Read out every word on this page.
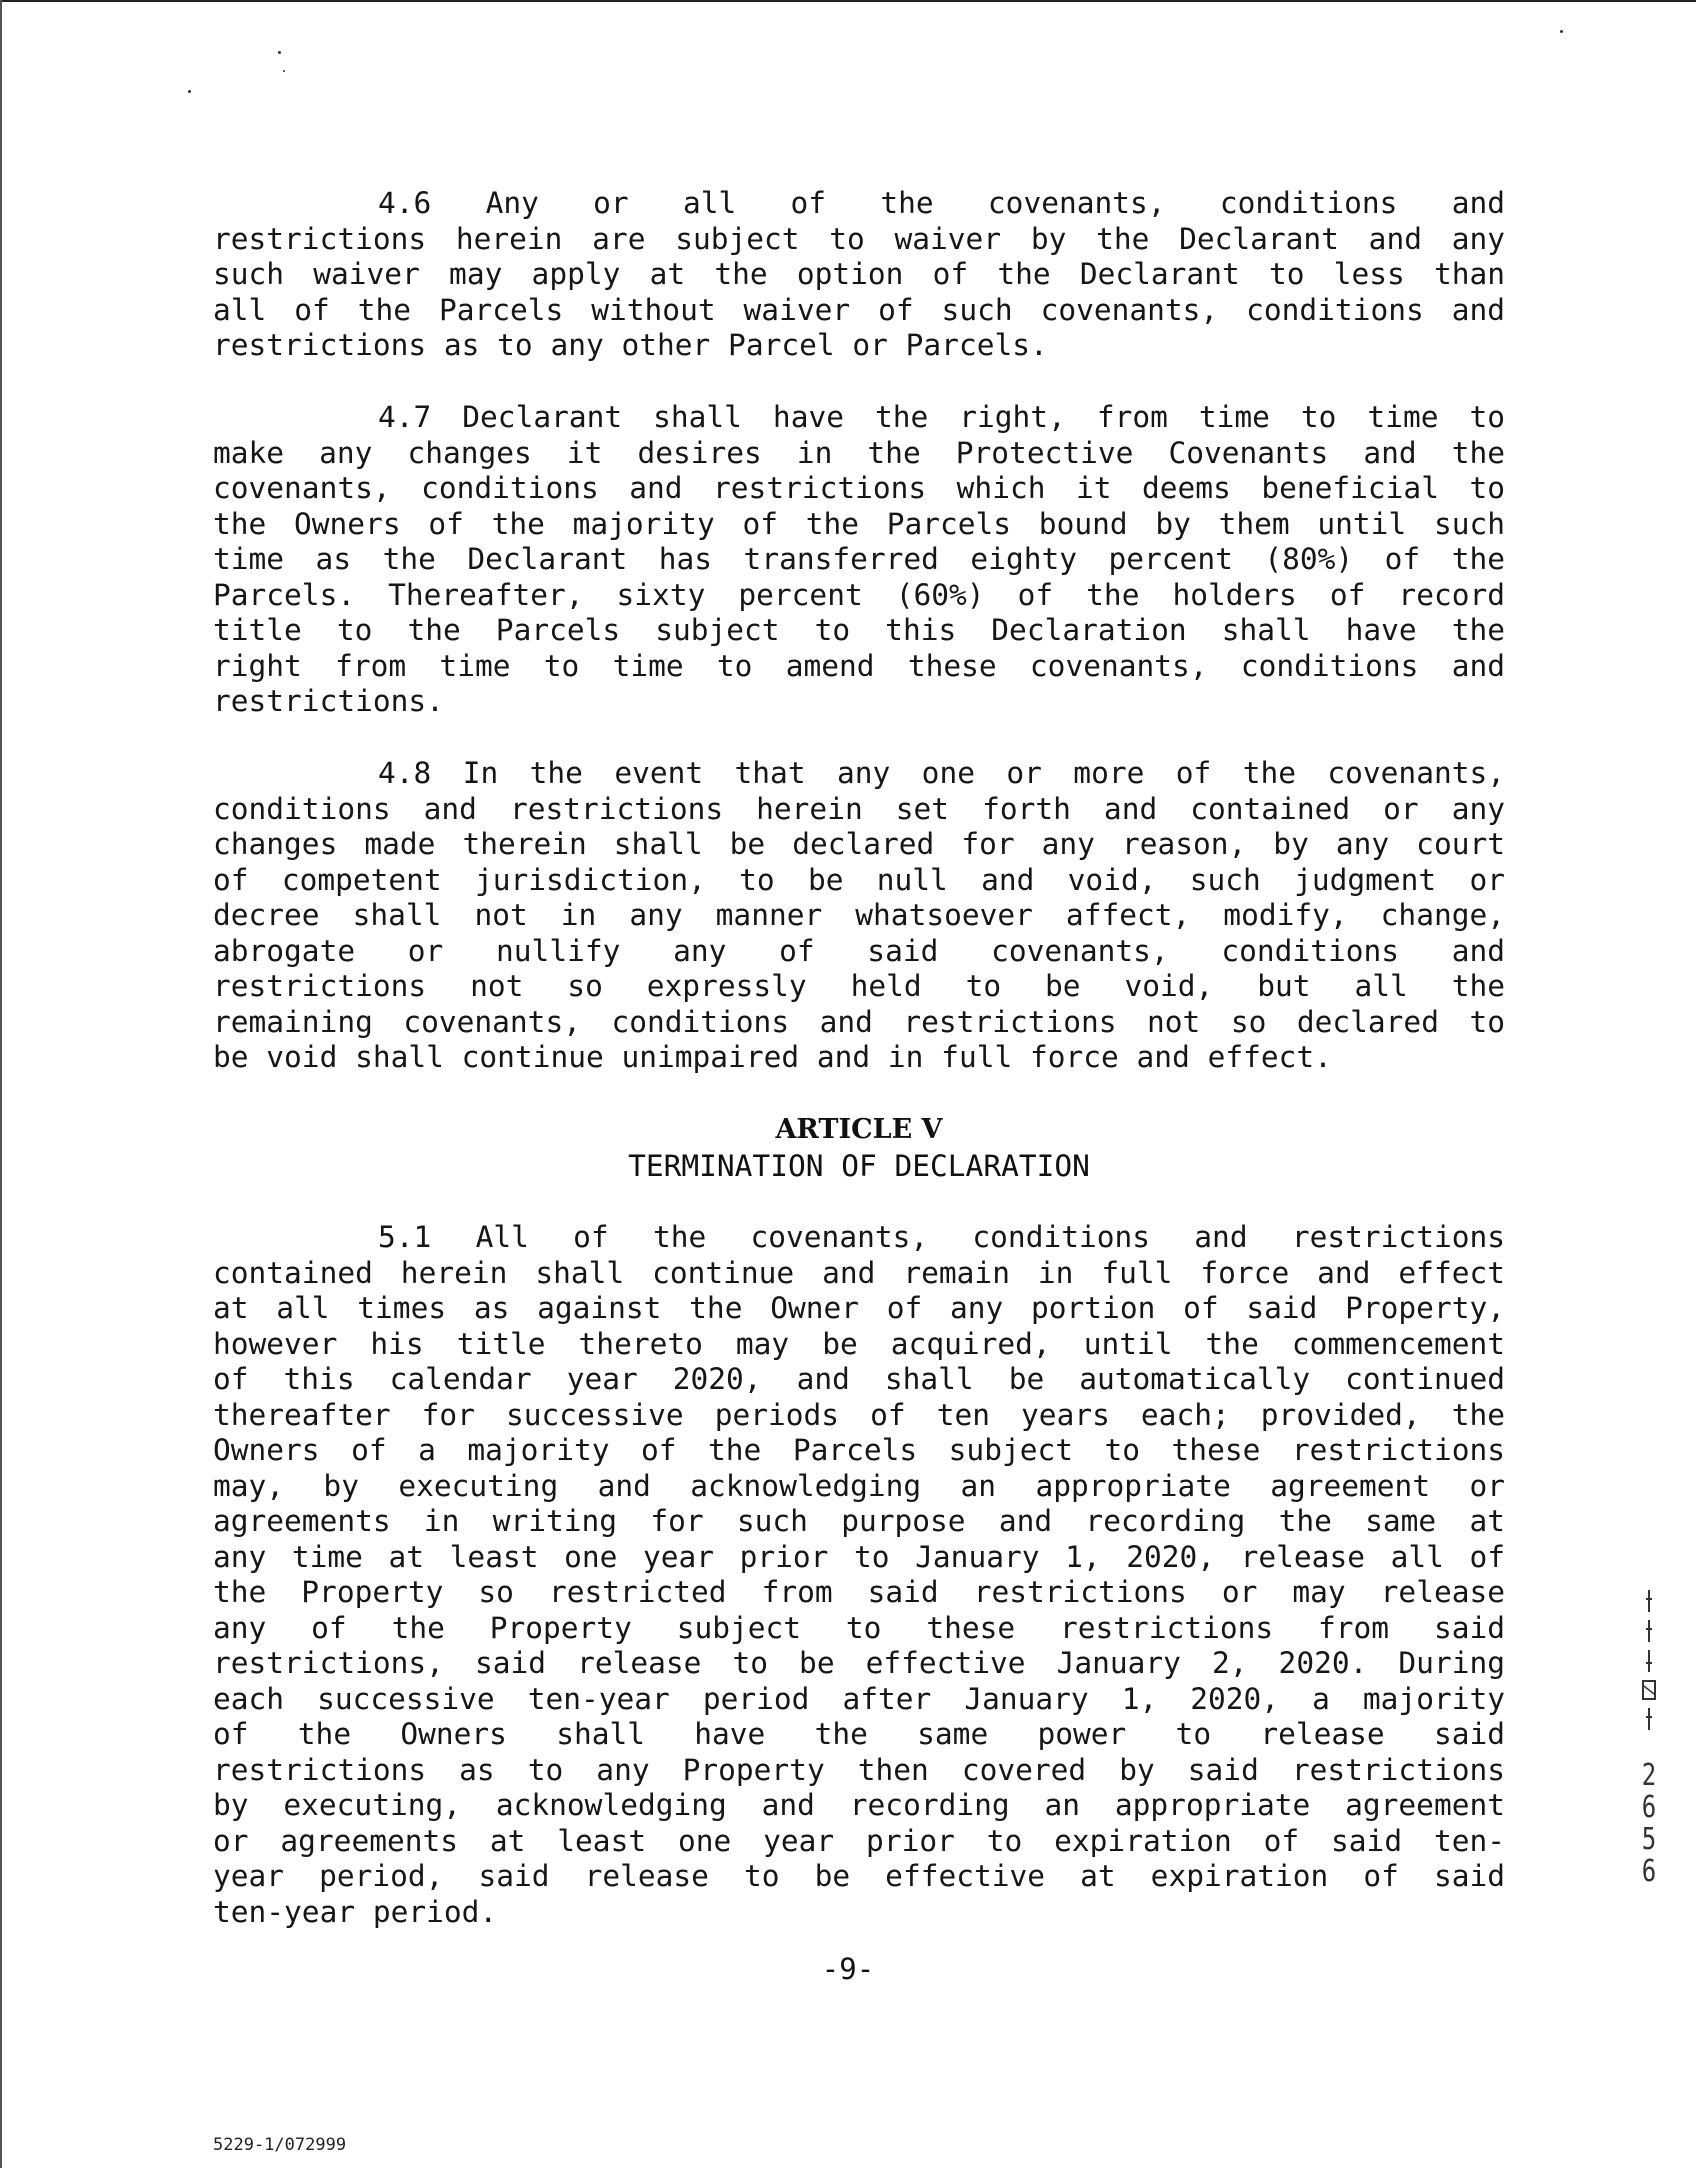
4.6 Any or all of the covenants, conditions and
restrictions herein are subject to waiver by the Declarant and any
such waiver may apply at the option of the Declarant to less than
all of the Parcels without waiver of such covenants, conditions and
restrictions as to any other Parcel or Parcels.
4.7 Declarant shall have the right, from time to time to
make any changes it desires in the Protective Covenants and the
covenants, conditions and restrictions which it deems beneficial to
the Owners of the majority of the Parcels bound by them until such
time as the Declarant has transferred eighty percent (80%) of the
Parcels. Thereafter, sixty percent (60%) of the holders of record
title to the Parcels subject to this Declaration shall have the
right from time to time to amend these covenants, conditions and
restrictions.
4.8 In the event that any one or more of the covenants,
conditions and restrictions herein set forth and contained or any
changes made therein shall be declared for any reason, by any court
of competent jurisdiction, to be null and void, such judgment or
decree shall not in any manner whatsoever affect, modify, change,
abrogate or nullify any of said covenants, conditions and
restrictions not so expressly held to be void, but all the
remaining covenants, conditions and restrictions not so declared to
be void shall continue unimpaired and in full force and effect.
ARTICLE V
TERMINATION OF DECLARATION
5.1 All of the covenants, conditions and restrictions
contained herein shall continue and remain in full force and effect
at all times as against the Owner of any portion of said Property,
however his title thereto may be acquired, until the commencement
of this calendar year 2020, and shall be automatically continued
thereafter for successive periods of ten years each; provided, the
Owners of a majority of the Parcels subject to these restrictions
may, by executing and acknowledging an appropriate agreement or
agreements in writing for such purpose and recording the same at
any time at least one year prior to January 1, 2020, release all of
the Property so restricted from said restrictions or may release
any of the Property subject to these restrictions from said
restrictions, said release to be effective January 2, 2020. During
each successive ten-year period after January 1, 2020, a majority
of the Owners shall have the same power to release said
restrictions as to any Property then covered by said restrictions
by executing, acknowledging and recording an appropriate agreement
or agreements at least one year prior to expiration of said ten-
year period, said release to be effective at expiration of said
ten-year period.
2
6
5
6
-9-
5229-1/072999
